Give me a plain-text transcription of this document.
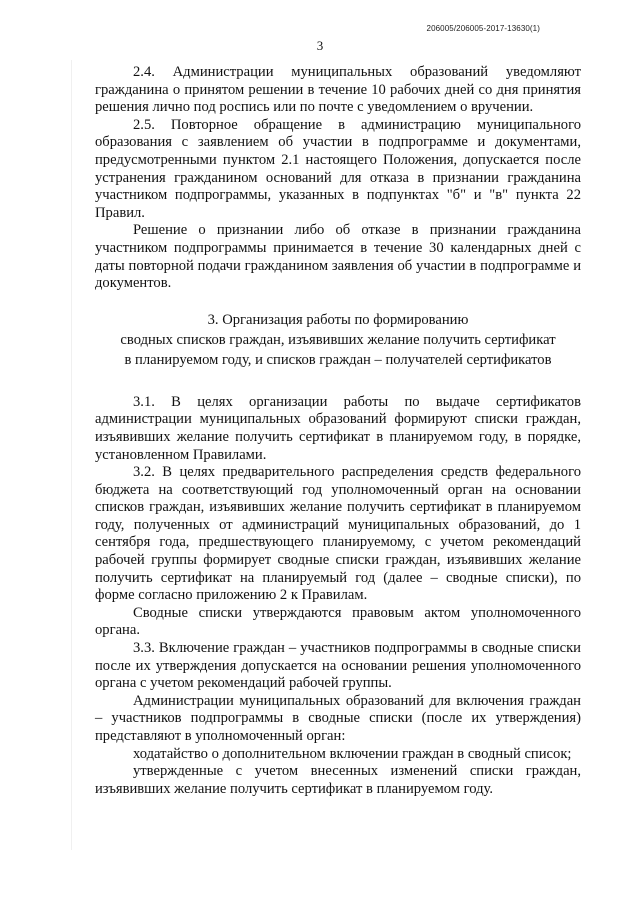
206005/206005-2017-13630(1)
3

2.4. Администрации муниципальных образований уведомляют гражданина о принятом решении в течение 10 рабочих дней со дня принятия решения лично под роспись или по почте с уведомлением о вручении.

2.5. Повторное обращение в администрацию муниципального образования с заявлением об участии в подпрограмме и документами, предусмотренными пунктом 2.1 настоящего Положения, допускается после устранения гражданином оснований для отказа в признании гражданина участником подпрограммы, указанных в подпунктах "б" и "в" пункта 22 Правил.

Решение о признании либо об отказе в признании гражданина участником подпрограммы принимается в течение 30 календарных дней с даты повторной подачи гражданином заявления об участии в подпрограмме и документов.

3. Организация работы по формированию
сводных списков граждан, изъявивших желание получить сертификат
в планируемом году, и списков граждан – получателей сертификатов

3.1. В целях организации работы по выдаче сертификатов администрации муниципальных образований формируют списки граждан, изъявивших желание получить сертификат в планируемом году, в порядке, установленном Правилами.

3.2. В целях предварительного распределения средств федерального бюджета на соответствующий год уполномоченный орган на основании списков граждан, изъявивших желание получить сертификат в планируемом году, полученных от администраций муниципальных образований, до 1 сентября года, предшествующего планируемому, с учетом рекомендаций рабочей группы формирует сводные списки граждан, изъявивших желание получить сертификат на планируемый год (далее – сводные списки), по форме согласно приложению 2 к Правилам.

Сводные списки утверждаются правовым актом уполномоченного органа.

3.3. Включение граждан – участников подпрограммы в сводные списки после их утверждения допускается на основании решения уполномоченного органа с учетом рекомендаций рабочей группы.

Администрации муниципальных образований для включения граждан – участников подпрограммы в сводные списки (после их утверждения) представляют в уполномоченный орган:

ходатайство о дополнительном включении граждан в сводный список;

утвержденные с учетом внесенных изменений списки граждан, изъявивших желание получить сертификат в планируемом году.
